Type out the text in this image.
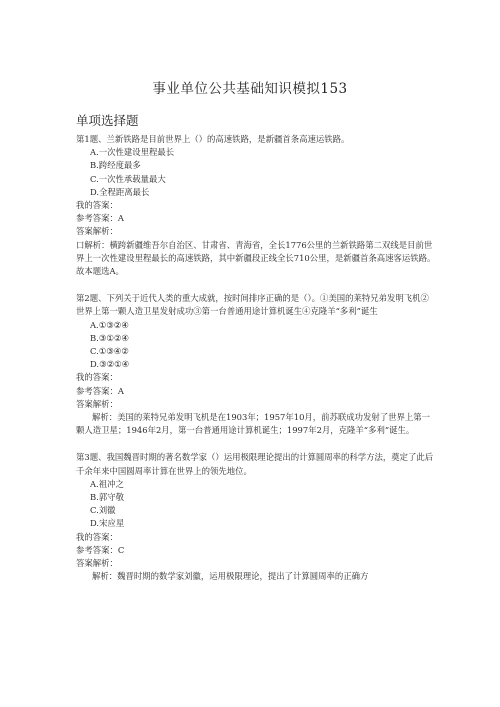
事业单位公共基础知识模拟153
单项选择题
第1题、兰新铁路是目前世界上（）的高速铁路，是新疆首条高速运铁路。
A.一次性建设里程最长
B.跨经度最多
C.一次性承载量最大
D.全程距离最长
我的答案：
参考答案：A
答案解析：
口解析：横跨新疆维吾尔自治区、甘肃省、青海省，全长1776公里的兰新铁路第二双线是目前世界上一次性建设里程最长的高速铁路，其中新疆段正线全长710公里，是新疆首条高速客运铁路。故本题选A。
第2题、下列关于近代人类的重大成就，按时间排序正确的是（）。①美国的莱特兄弟发明飞机②世界上第一颗人造卫星发射成功③第一台普通用途计算机诞生④克隆羊“多利”诞生
A.①③②④
B.③①②④
C.①③④②
D.③②①④
我的答案：
参考答案：A
答案解析：
解析：美国的莱特兄弟发明飞机是在1903年；1957年10月，前苏联成功发射了世界上第一颗人造卫星；1946年2月，第一台普通用途计算机诞生；1997年2月，克隆羊“多利”诞生。
第3题、我国魏晋时期的著名数学家（）运用极限理论提出的计算圆周率的科学方法，奠定了此后千余年来中国圆周率计算在世界上的领先地位。
A.祖冲之
B.郭守敬
C.刘徽
D.宋应星
我的答案：
参考答案：C
答案解析：
解析：魏晋时期的数学家刘徽，运用极限理论，提出了计算圆周率的正确方
